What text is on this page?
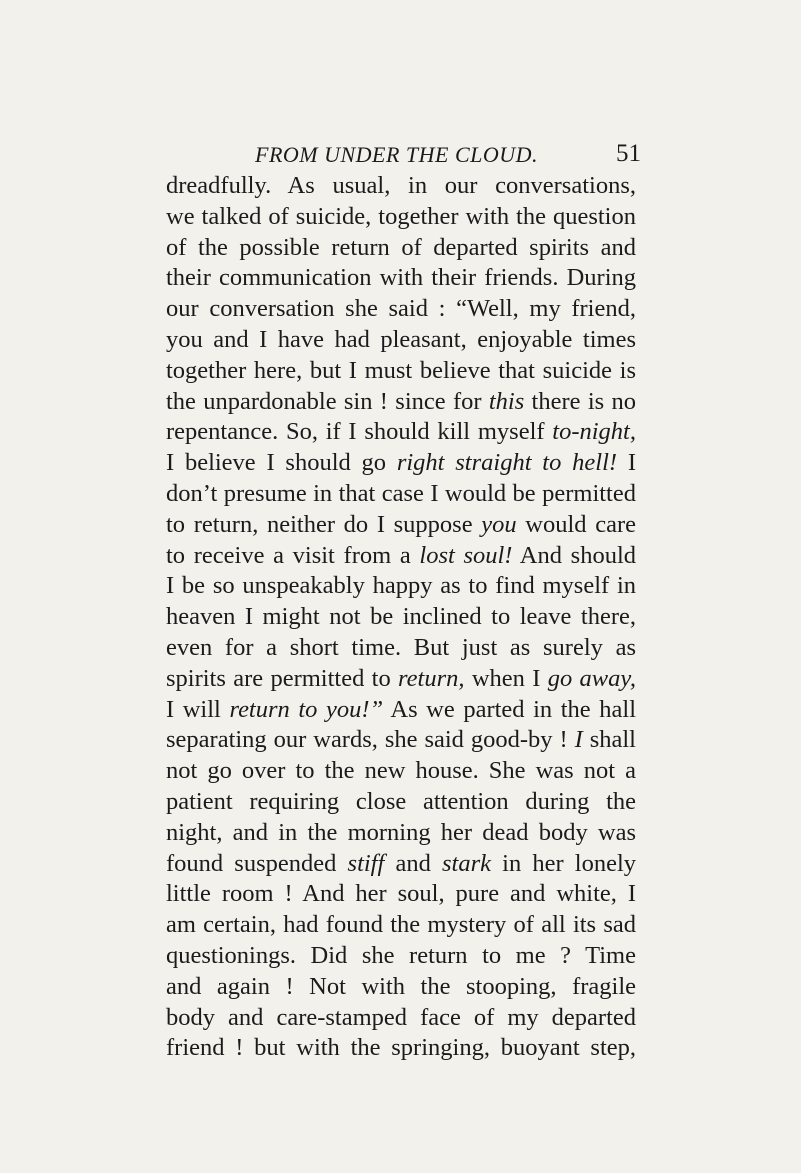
FROM UNDER THE CLOUD.	51
dreadfully. As usual, in our conversations,
we talked of suicide, together with the question
of the possible return of departed spirits and
their communication with their friends. During
our conversation she said : “Well, my friend,
you and I have had pleasant, enjoyable times
together here, but I must believe that suicide is
the unpardonable sin ! since for this there is no
repentance. So, if I should kill myself to-night,
I believe I should go right straight to hell! I
don’t presume in that case I would be permitted
to return, neither do I suppose you would care
to receive a visit from a lost soul! And should
I be so unspeakably happy as to find myself in
heaven I might not be inclined to leave there,
even for a short time. But just as surely as
spirits are permitted to return, when I go away,
I will return to you!” As we parted in the hall
separating our wards, she said good-by ! I shall
not go over to the new house. She was not a
patient requiring close attention during the
night, and in the morning her dead body was
found suspended stiff and stark in her lonely
little room ! And her soul, pure and white, I
am certain, had found the mystery of all its sad
questionings. Did she return to me ? Time
and again ! Not with the stooping, fragile
body and care-stamped face of my departed
friend ! but with the springing, buoyant step,
